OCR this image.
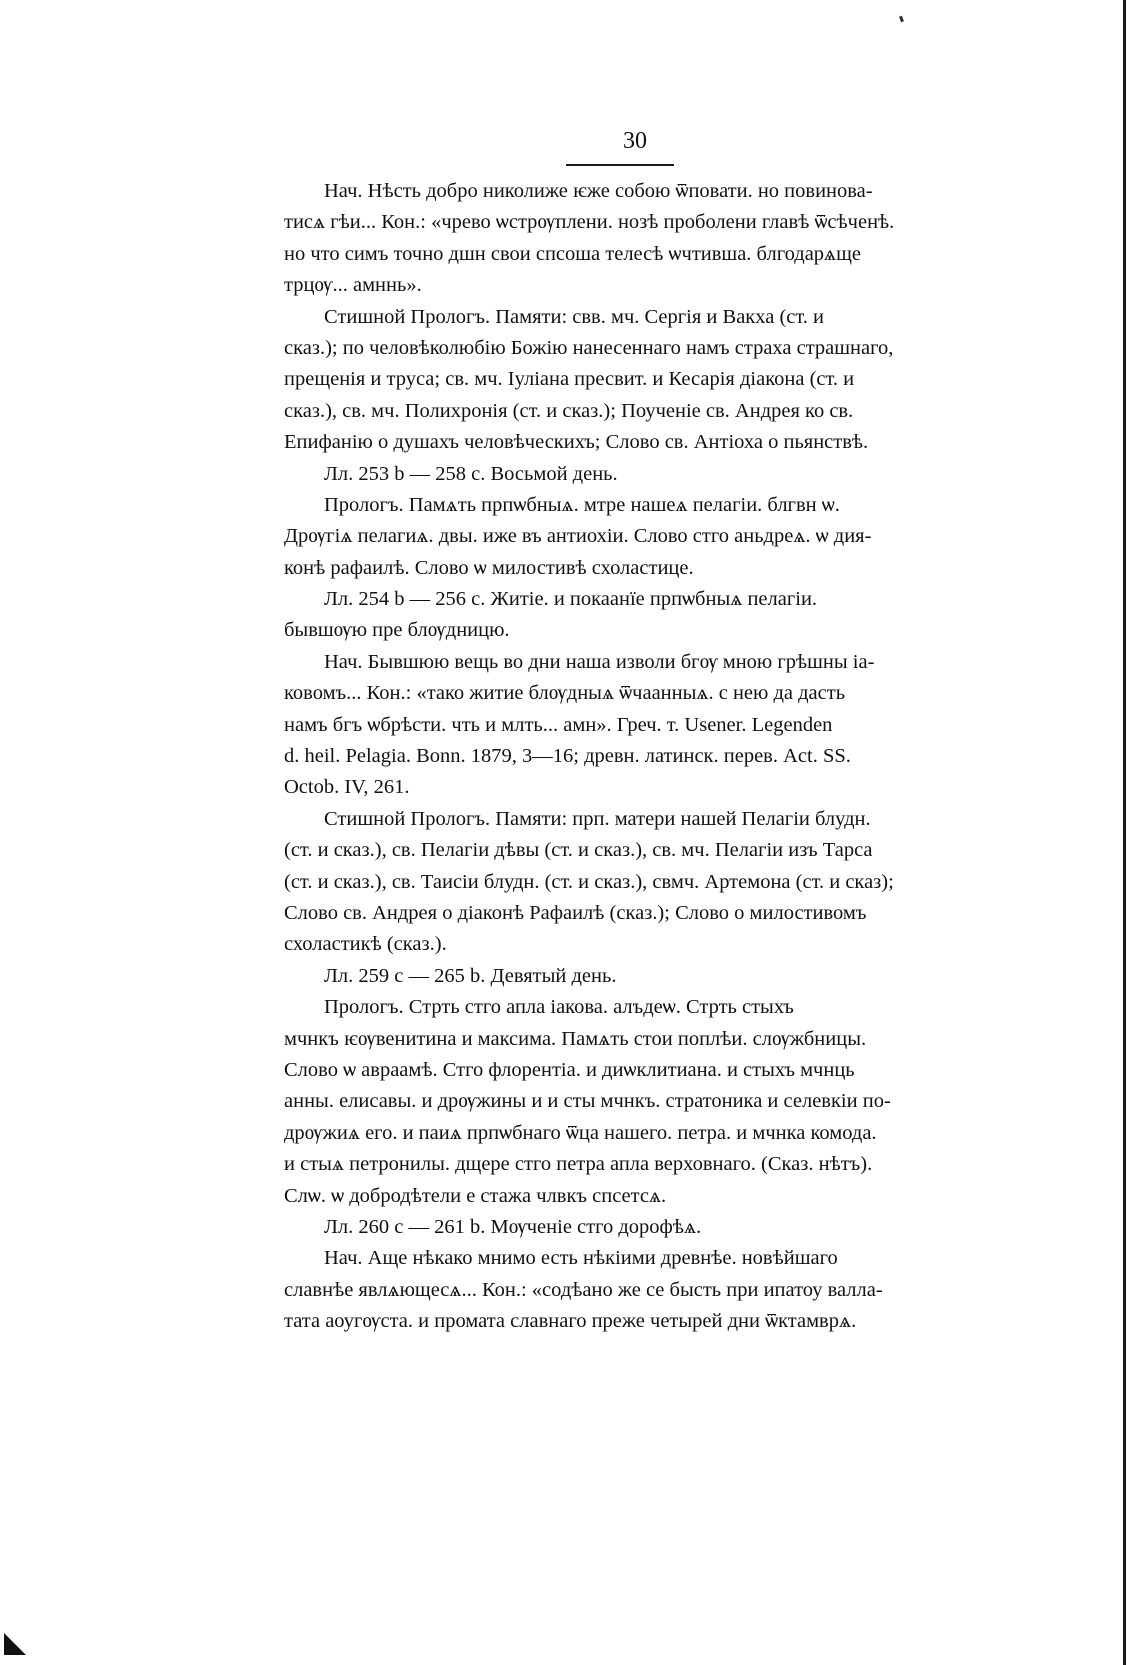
30
Нач. Нѣсть добро николиже ѥже собою ѿповати. но повинова-
тисѧ гѣи... Кон.: «чрево ѡстрѹплени. нозѣ проболени главѣ ѿсѣченѣ.
но что симъ точно дшн свои спсоша телесѣ ѡчтивша. блгодарѧще
трцѹ... амннь».
Стишной Прологъ. Памяти: свв. мч. Сергія и Вакха (ст. и
сказ.); по человѣколюбію Божію нанесеннаго намъ страха страшнаго,
прещенія и труса; св. мч. Іуліана пресвит. и Кесарія діакона (ст. и
сказ.), св. мч. Полихронія (ст. и сказ.); Поученіе св. Андрея ко св.
Епифанію о душахъ человѣческихъ; Слово св. Антіоха о пьянствѣ.
Лл. 253 b — 258 c. Восьмой день.
Прологъ. Памѧть прпѡбныѧ. мтре нашеѧ пелагіи. блгвн ѡ.
Дрѹгіѧ пелагиѧ. двы. иже въ антиохіи. Слово стго аньдреѧ. ѡ дия-
конѣ рафаилѣ. Слово ѡ милостивѣ схоластице.
Лл. 254 b — 256 c. Житіе. и покаанїе прпѡбныѧ пелагіи.
бывшѹю пре блѹдницю.
Нач. Бывшюю вещь во дни наша изволи бгѹ мною грѣшны іа-
ковомъ... Кон.: «тако житие блѹдныѧ ѿчаанныѧ. с нею да дасть
намъ бгъ ѡбрѣсти. чть и млть... амн». Греч. т. Usener. Legenden
d. heil. Pelagia. Bonn. 1879, 3—16; древн. латинск. перев. Act. SS.
Octob. IV, 261.
Стишной Прологъ. Памяти: прп. матери нашей Пелагіи блудн.
(ст. и сказ.), св. Пелагіи дѣвы (ст. и сказ.), св. мч. Пелагіи изъ Тарса
(ст. и сказ.), св. Таисіи блудн. (ст. и сказ.), свмч. Артемона (ст. и сказ);
Слово св. Андрея о діаконѣ Рафаилѣ (сказ.); Слово о милостивомъ
схоластикѣ (сказ.).
Лл. 259 c — 265 b. Девятый день.
Прологъ. Стрть стго апла іакова. алъдеѡ. Стрть стыхъ
мчнкъ ѥѹвенитина и максима. Памѧть стои поплѣи. слѹжбницы.
Слово ѡ авраамѣ. Стго флорентіа. и диѡклитиана. и стыхъ мчнць
анны. елисавы. и дрѹжины и и сты мчнкъ. стратоника и селевкіи по-
дрѹжиѧ его. и паиѧ прпѡбнаго ѿца нашего. петра. и мчнка комода.
и стыѧ петронилы. дщере стго петра апла верховнаго. (Сказ. нѣтъ).
Слѡ. ѡ добродѣтели е стажа члвкъ спсетсѧ.
Лл. 260 c — 261 b. Мѹченіе стго дорофѣѧ.
Нач. Аще нѣкако мнимо есть нѣкіими древнѣе. новѣйшаго
славнѣе явлѧющесѧ... Кон.: «содѣано же се бысть при ипатоу валла-
тата аоугѹста. и промата славнаго преже четырей дни ѿктамврѧ.
